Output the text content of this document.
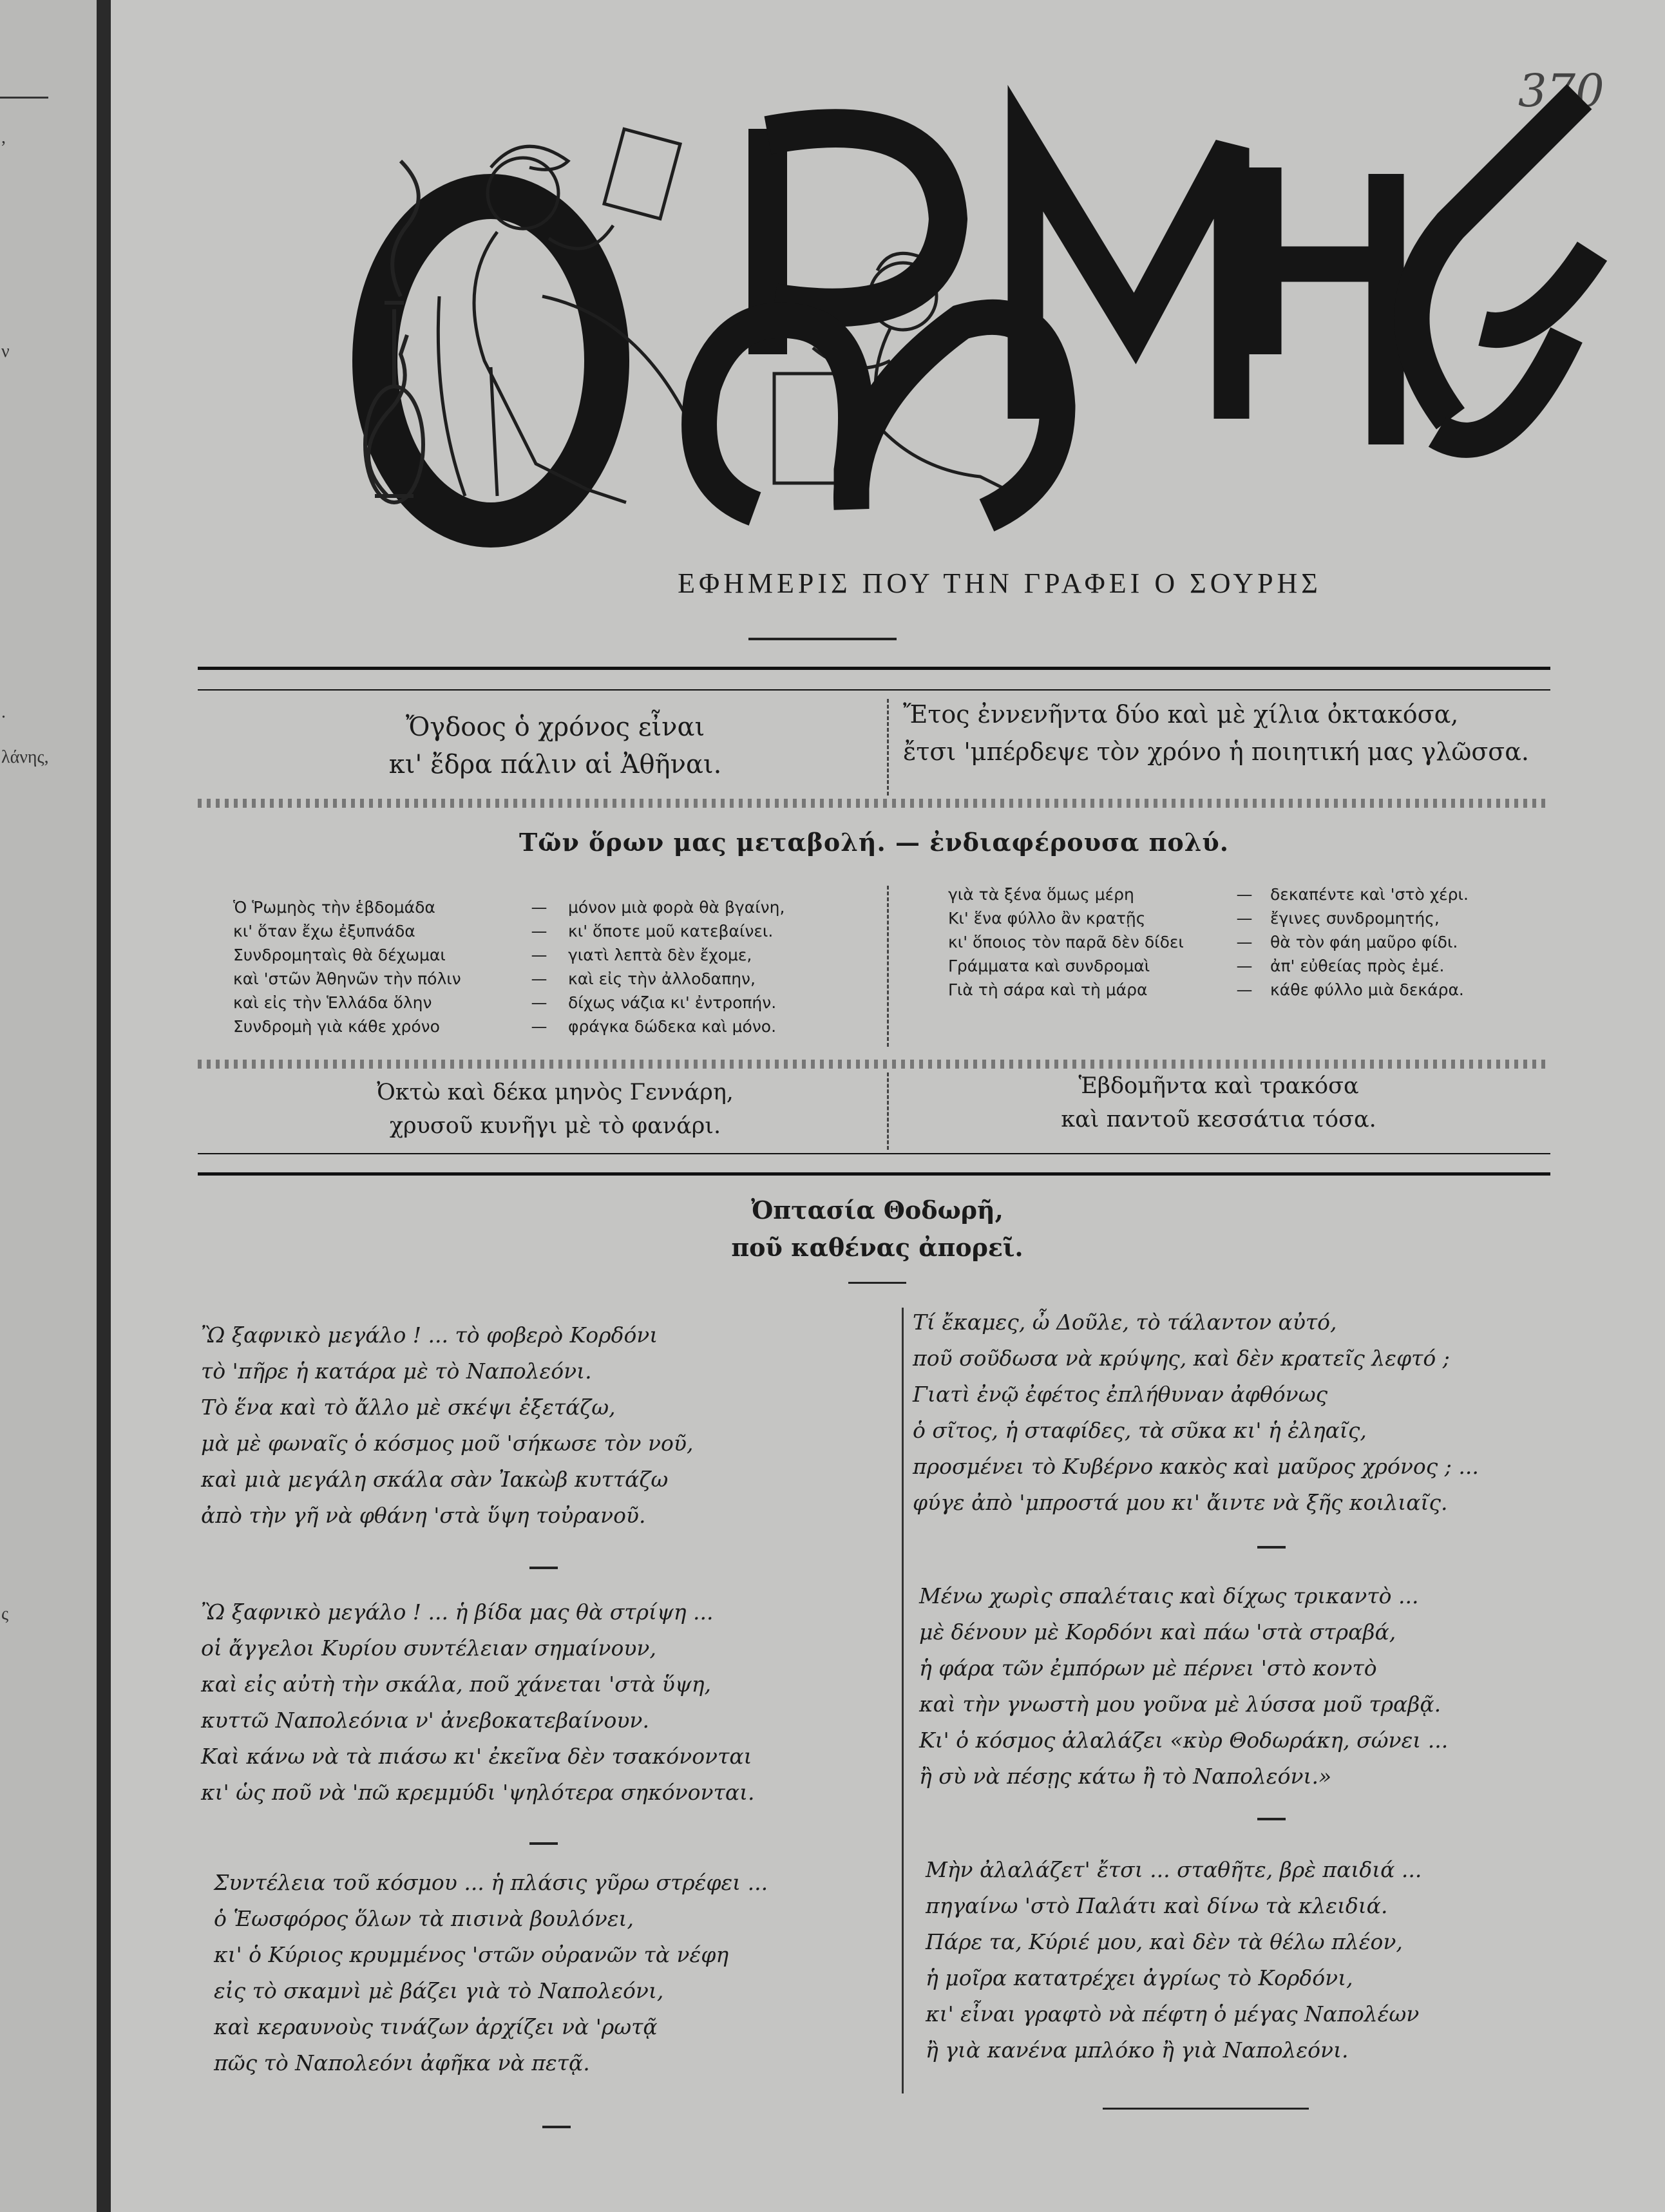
,
ν
λάνης,
.
ς
370
ΕΦΗΜΕΡΙΣ ΠΟΥ ΤΗΝ ΓΡΑΦΕΙ Ο ΣΟΥΡΗΣ
Ὄγδοος ὁ χρόνος εἶναι
κι' ἔδρα πάλιν αἱ Ἀθῆναι.
Ἔτος ἐννενῆντα δύο καὶ μὲ χίλια ὀκτακόσα,
ἔτσι 'μπέρδεψε τὸν χρόνο ἡ ποιητική μας γλῶσσα.
Τῶν ὅρων μας μεταβολή. — ἐνδιαφέρουσα πολύ.
Ὁ Ῥωμηὸς τὴν ἑβδομάδα	—	μόνον μιὰ φορὰ θὰ βγαίνη,
κι' ὅταν ἔχω ἐξυπνάδα	—	κι' ὅποτε μοῦ κατεβαίνει.
Συνδρομηταὶς θὰ δέχωμαι	—	γιατὶ λεπτὰ δὲν ἔχομε,
καὶ 'στῶν Ἀθηνῶν τὴν πόλιν	—	καὶ εἰς τὴν ἀλλοδαπην,
καὶ εἰς τὴν Ἑλλάδα ὅλην	—	δίχως νάζια κι' ἐντροπήν.
Συνδρομὴ γιὰ κάθε χρόνο	—	φράγκα δώδεκα καὶ μόνο.
γιὰ τὰ ξένα ὅμως μέρη	—	δεκαπέντε καὶ 'στὸ χέρι.
Κι' ἕνα φύλλο ἂν κρατῇς	—	ἔγινες συνδρομητής,
κι' ὅποιος τὸν παρᾶ δὲν δίδει	—	θὰ τὸν φάη μαῦρο φίδι.
Γράμματα καὶ συνδρομαὶ	—	ἀπ' εὐθείας πρὸς ἐμέ.
Γιὰ τὴ σάρα καὶ τὴ μάρα	—	κάθε φύλλο μιὰ δεκάρα.
Ὀκτὼ καὶ δέκα μηνὸς Γεννάρη,
χρυσοῦ κυνῆγι μὲ τὸ φανάρι.
Ἑβδομῆντα καὶ τρακόσα
καὶ παντοῦ κεσσάτια τόσα.
Ὀπτασία Θοδωρῆ,
ποῦ καθένας ἀπορεῖ.
Ὢ ξαφνικὸ μεγάλο ! ... τὸ φοβερὸ Κορδόνι
τὸ 'πῆρε ἡ κατάρα μὲ τὸ Ναπολεόνι.
Τὸ ἕνα καὶ τὸ ἄλλο μὲ σκέψι ἐξετάζω,
μὰ μὲ φωναῖς ὁ κόσμος μοῦ 'σήκωσε τὸν νοῦ,
καὶ μιὰ μεγάλη σκάλα σὰν Ἰακὼβ κυττάζω
ἀπὸ τὴν γῆ νὰ φθάνη 'στὰ ὕψη τοὐρανοῦ.
Ὢ ξαφνικὸ μεγάλο ! ... ἡ βίδα μας θὰ στρίψη ...
οἱ ἄγγελοι Κυρίου συντέλειαν σημαίνουν,
καὶ εἰς αὐτὴ τὴν σκάλα, ποῦ χάνεται 'στὰ ὕψη,
κυττῶ Ναπολεόνια ν' ἀνεβοκατεβαίνουν.
Καὶ κάνω νὰ τὰ πιάσω κι' ἐκεῖνα δὲν τσακόνονται
κι' ὡς ποῦ νὰ 'πῶ κρεμμύδι 'ψηλότερα σηκόνονται.
Συντέλεια τοῦ κόσμου ... ἡ πλάσις γῦρω στρέφει ...
ὁ Ἑωσφόρος ὅλων τὰ πισινὰ βουλόνει,
κι' ὁ Κύριος κρυμμένος 'στῶν οὐρανῶν τὰ νέφη
εἰς τὸ σκαμνὶ μὲ βάζει γιὰ τὸ Ναπολεόνι,
καὶ κεραυνοὺς τινάζων ἀρχίζει νὰ 'ρωτᾷ
πῶς τὸ Ναπολεόνι ἀφῆκα νὰ πετᾷ.
Τί ἔκαμες, ὦ Δοῦλε, τὸ τάλαντον αὐτό,
ποῦ σοῦδωσα νὰ κρύψης, καὶ δὲν κρατεῖς λεφτό ;
Γιατὶ ἐνῷ ἐφέτος ἐπλήθυναν ἀφθόνως
ὁ σῖτος, ἡ σταφίδες, τὰ σῦκα κι' ἡ ἐληαῖς,
προσμένει τὸ Κυβέρνο κακὸς καὶ μαῦρος χρόνος ; ...
φύγε ἀπὸ 'μπροστά μου κι' ἄιντε νὰ ξῆς κοιλιαῖς.
Μένω χωρὶς σπαλέταις καὶ δίχως τρικαντὸ ...
μὲ δένουν μὲ Κορδόνι καὶ πάω 'στὰ στραβά,
ἡ φάρα τῶν ἐμπόρων μὲ πέρνει 'στὸ κοντὸ
καὶ τὴν γνωστὴ μου γοῦνα μὲ λύσσα μοῦ τραβᾷ.
Κι' ὁ κόσμος ἀλαλάζει «κὺρ Θοδωράκη, σώνει ...
ἢ σὺ νὰ πέσῃς κάτω ἢ τὸ Ναπολεόνι.»
Μὴν ἀλαλάζετ' ἔτσι ... σταθῆτε, βρὲ παιδιά ...
πηγαίνω 'στὸ Παλάτι καὶ δίνω τὰ κλειδιά.
Πάρε τα, Κύριέ μου, καὶ δὲν τὰ θέλω πλέον,
ἡ μοῖρα κατατρέχει ἀγρίως τὸ Κορδόνι,
κι' εἶναι γραφτὸ νὰ πέφτη ὁ μέγας Ναπολέων
ἢ γιὰ κανένα μπλόκο ἢ γιὰ Ναπολεόνι.
